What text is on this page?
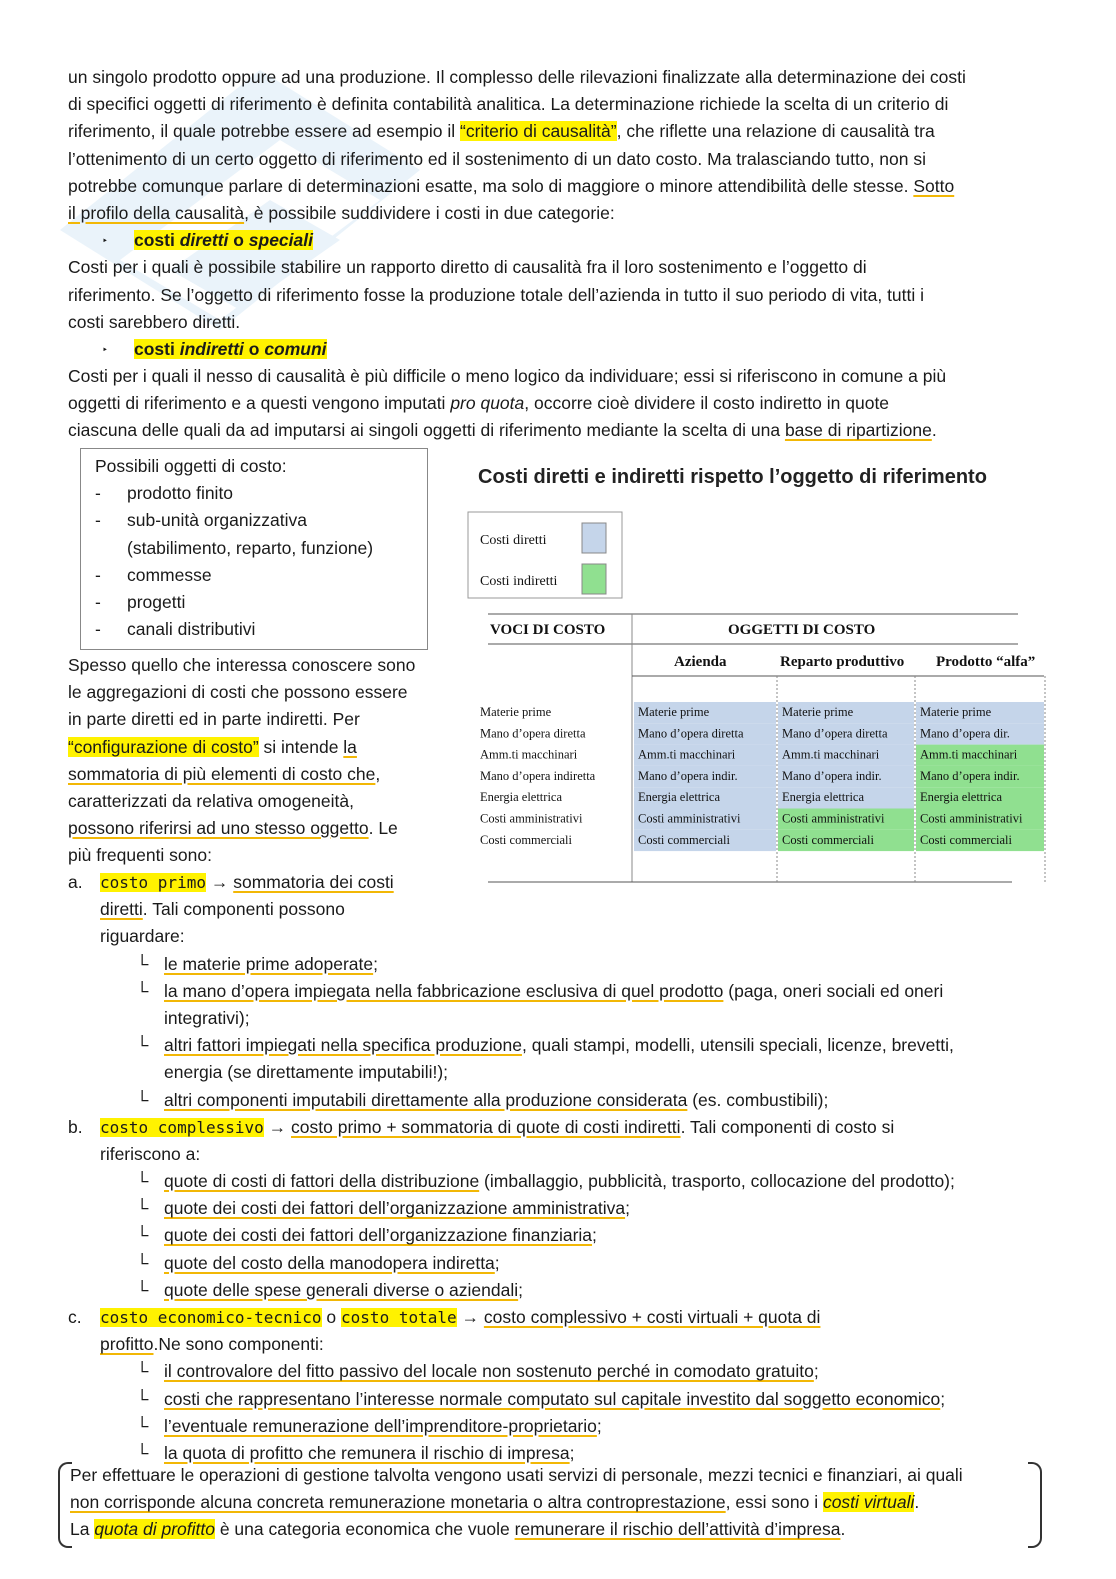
un singolo prodotto oppure ad una produzione. Il complesso delle rilevazioni finalizzate alla determinazione dei costi
di specifici oggetti di riferimento è definita contabilità analitica. La determinazione richiede la scelta di un criterio di
riferimento, il quale potrebbe essere ad esempio il “criterio di causalità”, che riflette una relazione di causalità tra
l’ottenimento di un certo oggetto di riferimento ed il sostenimento di un dato costo. Ma tralasciando tutto, non si
potrebbe comunque parlare di determinazioni esatte, ma solo di maggiore o minore attendibilità delle stesse. Sotto
il profilo della causalità, è possibile suddividere i costi in due categorie:
‣ costi diretti o speciali
Costi per i quali è possibile stabilire un rapporto diretto di causalità fra il loro sostenimento e l’oggetto di
riferimento. Se l’oggetto di riferimento fosse la produzione totale dell’azienda in tutto il suo periodo di vita, tutti i
costi sarebbero diretti.
‣ costi indiretti o comuni
Costi per i quali il nesso di causalità è più difficile o meno logico da individuare; essi si riferiscono in comune a più
oggetti di riferimento e a questi vengono imputati pro quota, occorre cioè dividere il costo indiretto in quote
ciascuna delle quali da ad imputarsi ai singoli oggetti di riferimento mediante la scelta di una base di ripartizione.
Possibili oggetti di costo:
- prodotto finito
- sub-unità organizzativa
(stabilimento, reparto, funzione)
- commesse
- progetti
- canali distributivi
Spesso quello che interessa conoscere sono
le aggregazioni di costi che possono essere
in parte diretti ed in parte indiretti. Per
“configurazione di costo” si intende la
sommatoria di più elementi di costo che,
caratterizzati da relativa omogeneità,
possono riferirsi ad uno stesso oggetto. Le
più frequenti sono:
a. costo primo → sommatoria dei costi
diretti. Tali componenti possono
riguardare:
└ le materie prime adoperate;
└ la mano d’opera impiegata nella fabbricazione esclusiva di quel prodotto (paga, oneri sociali ed oneri
integrativi);
└ altri fattori impiegati nella specifica produzione, quali stampi, modelli, utensili speciali, licenze, brevetti,
energia (se direttamente imputabili!);
└ altri componenti imputabili direttamente alla produzione considerata (es. combustibili);
b. costo complessivo → costo primo + sommatoria di quote di costi indiretti. Tali componenti di costo si
riferiscono a:
└ quote di costi di fattori della distribuzione (imballaggio, pubblicità, trasporto, collocazione del prodotto);
└ quote dei costi dei fattori dell’organizzazione amministrativa;
└ quote dei costi dei fattori dell’organizzazione finanziaria;
└ quote del costo della manodopera indiretta;
└ quote delle spese generali diverse o aziendali;
c. costo economico-tecnico o costo totale → costo complessivo + costi virtuali + quota di
profitto.Ne sono componenti:
└ il controvalore del fitto passivo del locale non sostenuto perché in comodato gratuito;
└ costi che rappresentano l’interesse normale computato sul capitale investito dal soggetto economico;
└ l’eventuale remunerazione dell’imprenditore-proprietario;
└ la quota di profitto che remunera il rischio di impresa;
Per effettuare le operazioni di gestione talvolta vengono usati servizi di personale, mezzi tecnici e finanziari, ai quali
non corrisponde alcuna concreta remunerazione monetaria o altra controprestazione, essi sono i costi virtuali.
La quota di profitto è una categoria economica che vuole remunerare il rischio dell’attività d’impresa.
Costi diretti e indiretti rispetto l’oggetto di riferimento
Costi diretti
Costi indiretti
VOCI DI COSTO	OGGETTI DI COSTO
Azienda	Reparto produttivo Prodotto “alfa”
Materie prime
Mano d’opera diretta
Amm.ti macchinari
Mano d’opera indiretta
Energia elettrica
Costi amministrativi
Costi commerciali
Materie prime
Mano d’opera diretta
Amm.ti macchinari
Mano d’opera indir.
Energia elettrica
Costi amministrativi
Costi commerciali
Materie prime
Mano d’opera diretta
Amm.ti macchinari
Mano d’opera indir.
Energia elettrica
Costi amministrativi
Costi commerciali
Materie prime
Mano d’opera dir.
Amm.ti macchinari
Mano d’opera indir.
Energia elettrica
Costi amministrativi
Costi commerciali
